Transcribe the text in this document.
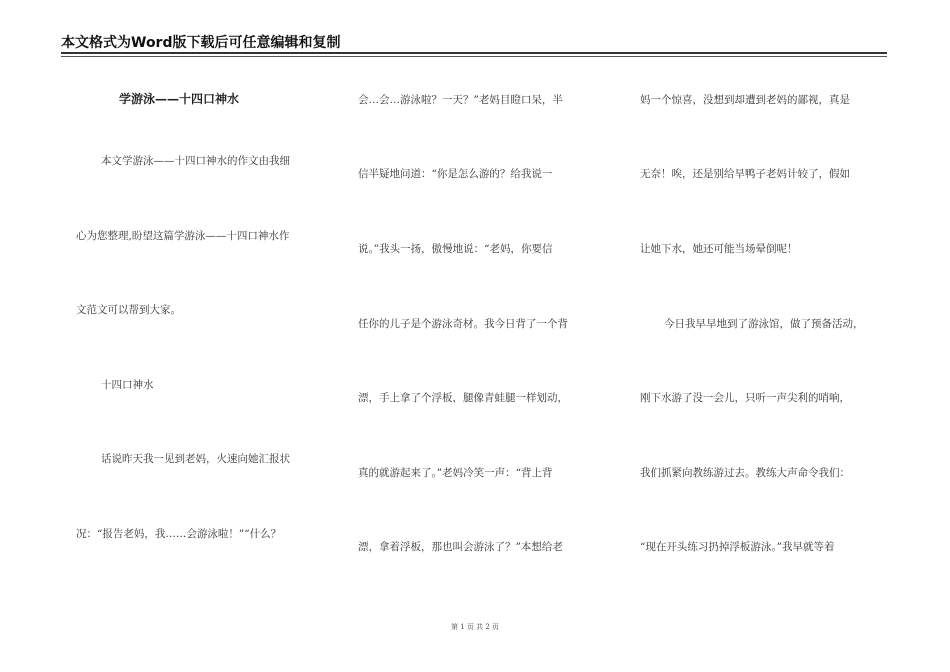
本文格式为Word版下载后可任意编辑和复制
学游泳——十四口神水
本文学游泳——十四口神水的作文由我细
心为您整理,盼望这篇学游泳——十四口神水作
文范文可以帮到大家。
十四口神水
话说昨天我一见到老妈，火速向她汇报状
况：“报告老妈，我……会游泳啦！”“什么？
会…会…游泳啦？一天？”老妈目瞪口呆，半
信半疑地问道：“你是怎么游的？给我说一
说。”我头一扬，傲慢地说：“老妈，你要信
任你的儿子是个游泳奇材。我今日背了一个背
漂，手上拿了个浮板，腿像青蛙腿一样划动，
真的就游起来了。”老妈冷笑一声：“背上背
漂，拿着浮板，那也叫会游泳了？”本想给老
妈一个惊喜，没想到却遭到老妈的鄙视，真是
无奈！唉，还是别给旱鸭子老妈计较了，假如
让她下水，她还可能当场晕倒呢！
今日我早早地到了游泳馆，做了预备活动，
刚下水游了没一会儿，只听一声尖利的哨响，
我们抓紧向教练游过去。教练大声命令我们：
“现在开头练习扔掉浮板游泳。”我早就等着
第 1 页 共 2 页
